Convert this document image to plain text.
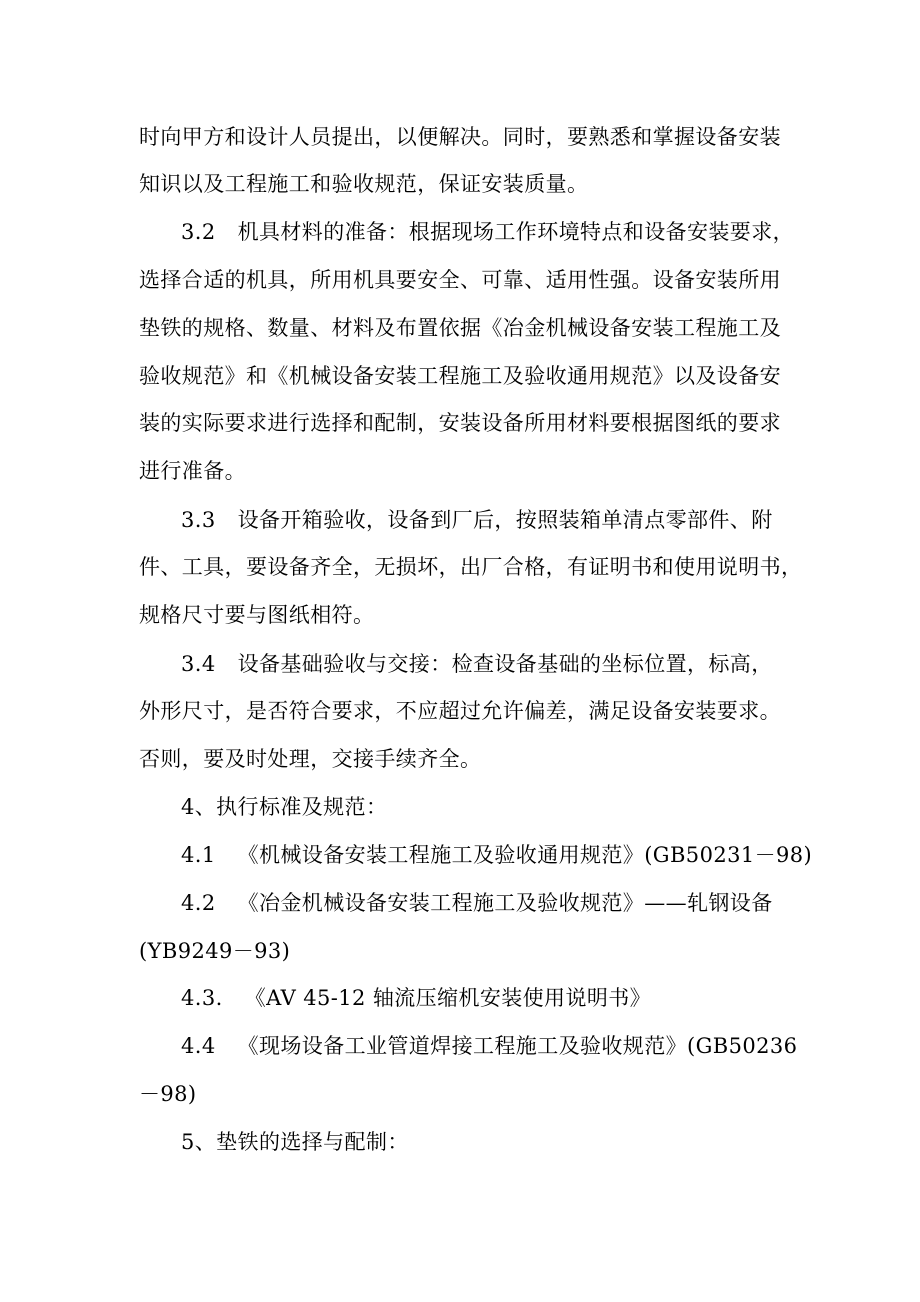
时向甲方和设计人员提出，以便解决。同时，要熟悉和掌握设备安装
知识以及工程施工和验收规范，保证安装质量。
3.2 机具材料的准备：根据现场工作环境特点和设备安装要求，
选择合适的机具，所用机具要安全、可靠、适用性强。设备安装所用
垫铁的规格、数量、材料及布置依据《冶金机械设备安装工程施工及
验收规范》和《机械设备安装工程施工及验收通用规范》以及设备安
装的实际要求进行选择和配制，安装设备所用材料要根据图纸的要求
进行准备。
3.3 设备开箱验收，设备到厂后，按照装箱单清点零部件、附
件、工具，要设备齐全，无损坏，出厂合格，有证明书和使用说明书，
规格尺寸要与图纸相符。
3.4 设备基础验收与交接：检查设备基础的坐标位置，标高，
外形尺寸，是否符合要求，不应超过允许偏差，满足设备安装要求。
否则，要及时处理，交接手续齐全。
4、执行标准及规范：
4.1 《机械设备安装工程施工及验收通用规范》(GB50231－98)
4.2 《冶金机械设备安装工程施工及验收规范》——轧钢设备
(YB9249－93)
4.3. 《AV 45-12 轴流压缩机安装使用说明书》
4.4 《现场设备工业管道焊接工程施工及验收规范》(GB50236
－98)
5、垫铁的选择与配制：
